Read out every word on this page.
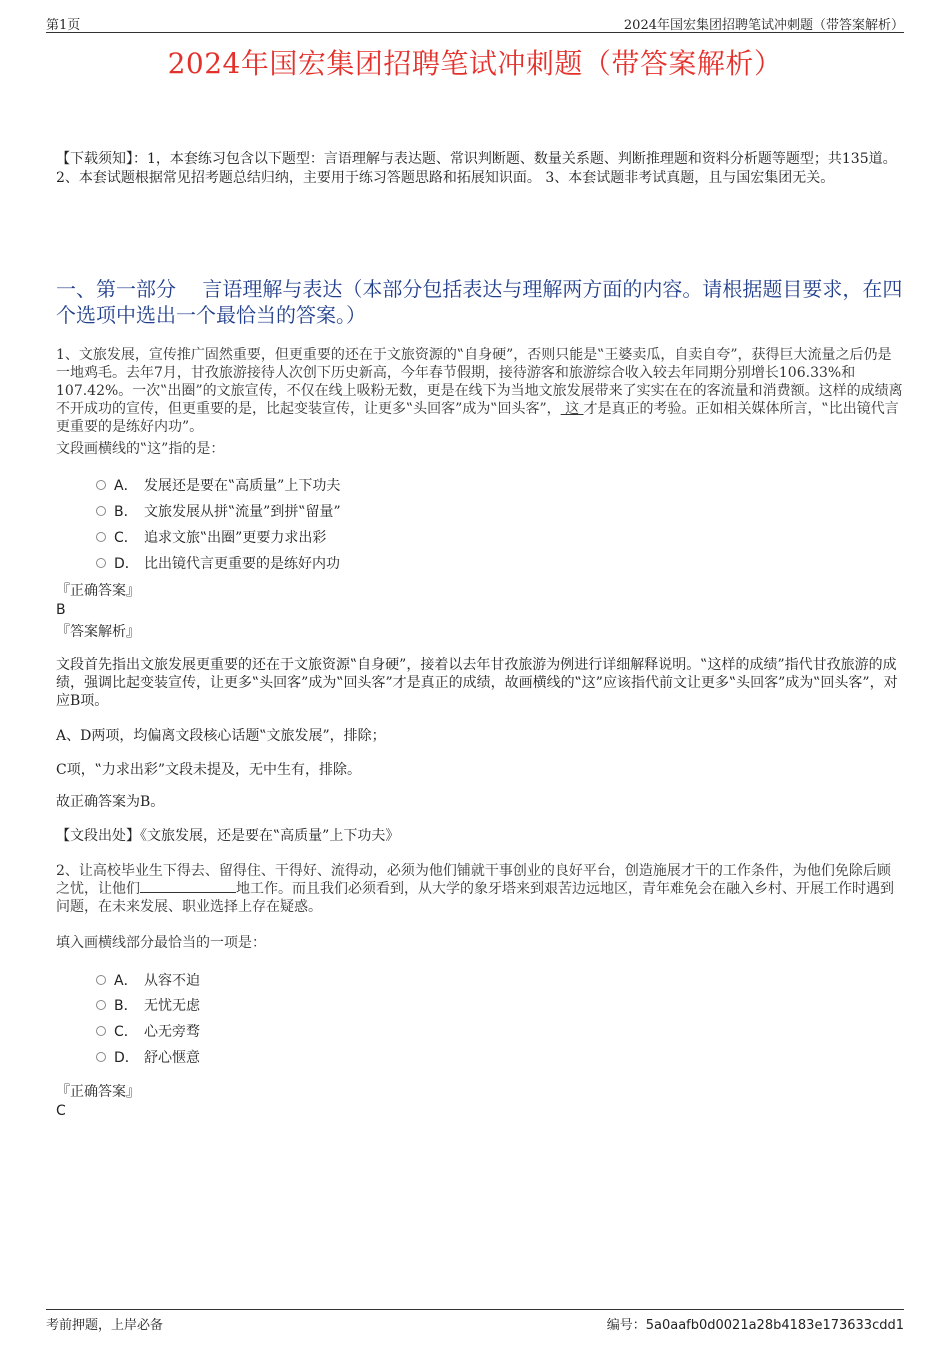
第1页	2024年国宏集团招聘笔试冲刺题（带答案解析）
2024年国宏集团招聘笔试冲刺题（带答案解析）
【下载须知】：1，本套练习包含以下题型：言语理解与表达题、常识判断题、数量关系题、判断推理题和资料分析题等题型；共135道。 2、本套试题根据常见招考题总结归纳，主要用于练习答题思路和拓展知识面。 3、本套试题非考试真题，且与国宏集团无关。
一、第一部分　 言语理解与表达（本部分包括表达与理解两方面的内容。请根据题目要求，在四个选项中选出一个最恰当的答案。）
1、文旅发展，宣传推广固然重要，但更重要的还在于文旅资源的‟自身硬”，否则只能是‟王婆卖瓜，自卖自夸”，获得巨大流量之后仍是一地鸡毛。去年7月，甘孜旅游接待人次创下历史新高，今年春节假期，接待游客和旅游综合收入较去年同期分别增长106.33%和107.42%。一次‟出圈”的文旅宣传，不仅在线上吸粉无数，更是在线下为当地文旅发展带来了实实在在的客流量和消费额。这样的成绩离不开成功的宣传，但更重要的是，比起变装宣传，让更多‟头回客”成为‟回头客”， 这 才是真正的考验。正如相关媒体所言，‟比出镜代言更重要的是练好内功”。
文段画横线的‟这”指的是：
A． 发展还是要在‟高质量”上下功夫
B． 文旅发展从拼‟流量”到拼‟留量”
C． 追求文旅‟出圈”更要力求出彩
D． 比出镜代言更重要的是练好内功
『正确答案』
B
『答案解析』
文段首先指出文旅发展更重要的还在于文旅资源‟自身硬”，接着以去年甘孜旅游为例进行详细解释说明。‟这样的成绩”指代甘孜旅游的成绩，强调比起变装宣传，让更多‟头回客”成为‟回头客”才是真正的成绩，故画横线的‟这”应该指代前文让更多‟头回客”成为‟回头客”，对应B项。
A、D两项，均偏离文段核心话题‟文旅发展”，排除；
C项，‟力求出彩”文段未提及，无中生有，排除。
故正确答案为B。
【文段出处】《文旅发展，还是要在‟高质量”上下功夫》
2、让高校毕业生下得去、留得住、干得好、流得动，必须为他们铺就干事创业的良好平台，创造施展才干的工作条件，为他们免除后顾之忧，让他们	地工作。而且我们必须看到，从大学的象牙塔来到艰苦边远地区，青年难免会在融入乡村、开展工作时遇到问题，在未来发展、职业选择上存在疑惑。
填入画横线部分最恰当的一项是：
A． 从容不迫
B． 无忧无虑
C． 心无旁骛
D． 舒心惬意
『正确答案』
C
考前押题，上岸必备	编号：5a0aafb0d0021a28b4183e173633cdd1
